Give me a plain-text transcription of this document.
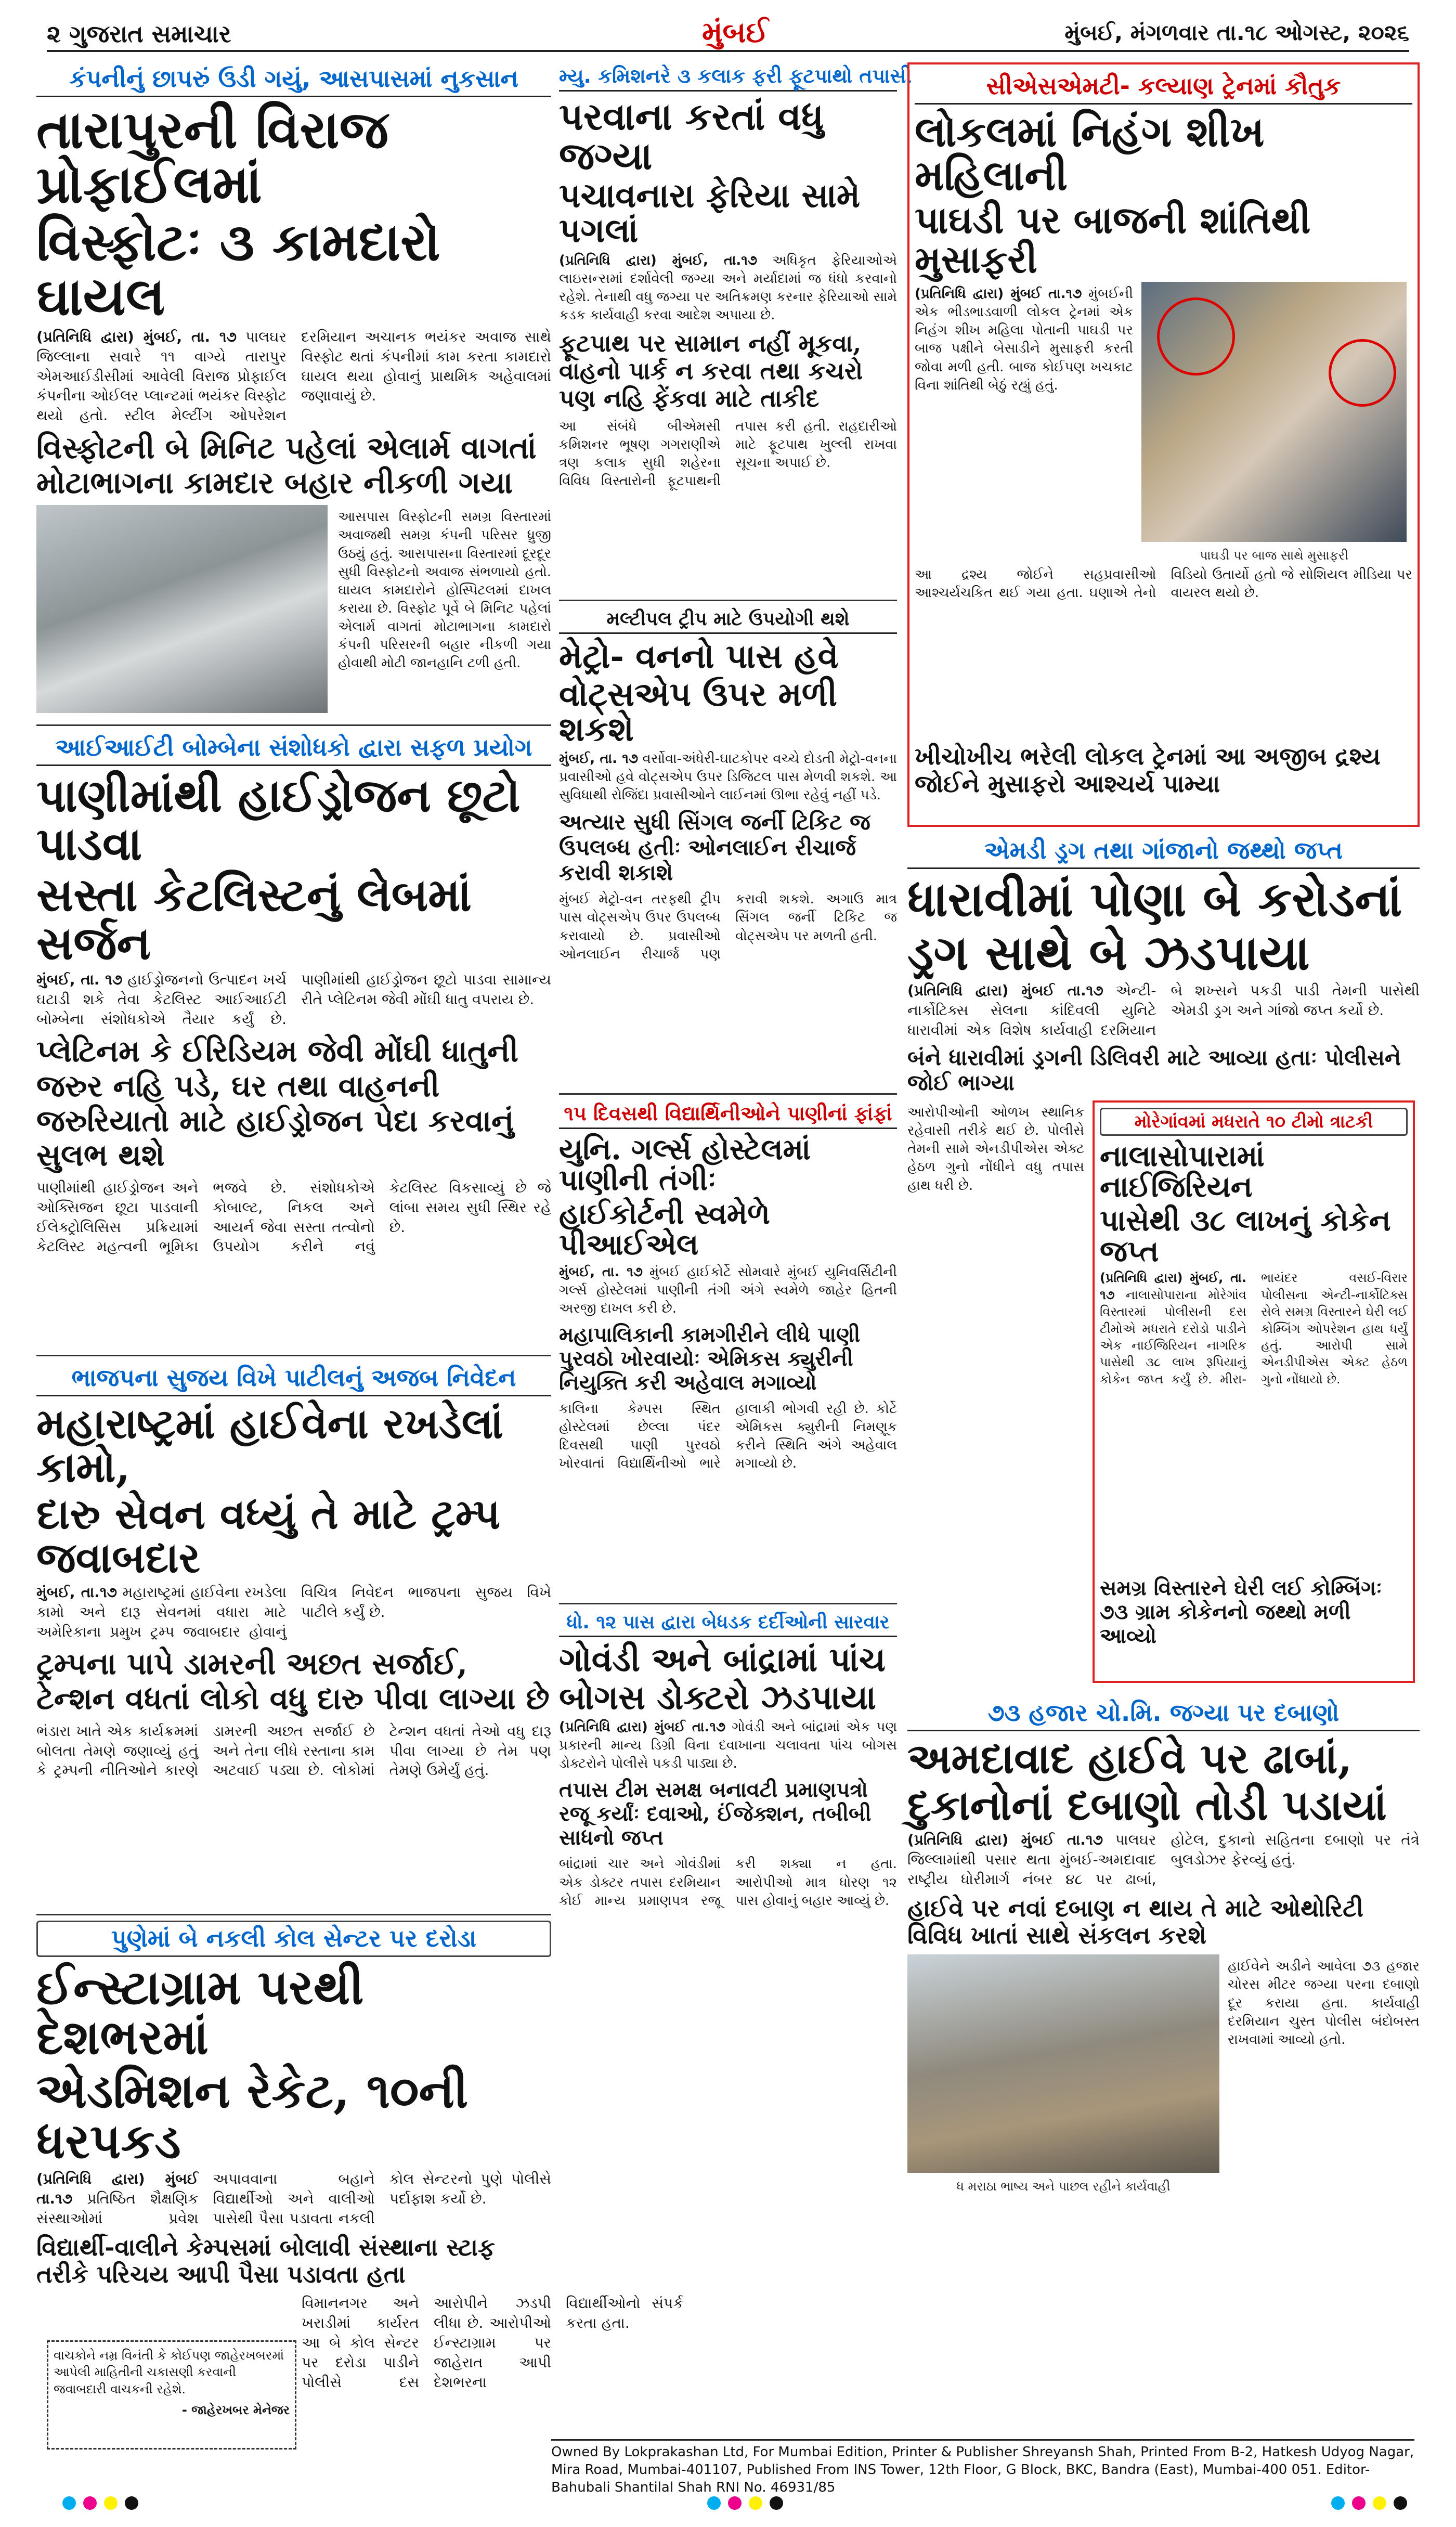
૨ ગુજરાત સમાચાર	મુંબઈ	મુંબઈ, મંગળવાર તા.૧૮ ઓગસ્ટ, ૨૦૨૬
કંપનીનું છાપરું ઉડી ગયું, આસપાસમાં નુકસાન
તારાપુરની વિરાજ પ્રોફાઈલમાં
વિસ્ફોટઃ ૩ કામદારો ઘાયલ
(પ્રતિનિધિ દ્વારા) મુંબઈ, તા. ૧૭ પાલઘર જિલ્લાના સવારે ૧૧ વાગ્યે તારાપુર એમઆઈડીસીમાં આવેલી વિરાજ પ્રોફાઈલ કંપનીના ઓઈલર પ્લાન્ટમાં ભયંકર વિસ્ફોટ થયો હતો. સ્ટીલ મેલ્ટીંગ ઓપરેશન દરમિયાન અચાનક ભયંકર અવાજ સાથે વિસ્ફોટ થતાં કંપનીમાં કામ કરતા કામદારો ઘાયલ થયા હોવાનું પ્રાથમિક અહેવાલમાં જણાવાયું છે.
વિસ્ફોટની બે મિનિટ પહેલાં એલાર્મ વાગતાં મોટાભાગના કામદાર બહાર નીકળી ગયા
આસપાસ વિસ્ફોટની સમગ્ર વિસ્તારમાં અવાજથી સમગ્ર કંપની પરિસર ધ્રુજી ઉઠ્યું હતું. આસપાસના વિસ્તારમાં દૂરદૂર સુધી વિસ્ફોટનો અવાજ સંભળાયો હતો. ઘાયલ કામદારોને હોસ્પિટલમાં દાખલ કરાયા છે. વિસ્ફોટ પૂર્વે બે મિનિટ પહેલાં એલાર્મ વાગતાં મોટાભાગના કામદારો કંપની પરિસરની બહાર નીકળી ગયા હોવાથી મોટી જાનહાનિ ટળી હતી.
આઈઆઈટી બોમ્બેના સંશોધકો દ્વારા સફળ પ્રયોગ
પાણીમાંથી હાઈડ્રોજન છૂટો પાડવા
સસ્તા કેટલિસ્ટનું લેબમાં સર્જન
મુંબઈ, તા. ૧૭ હાઈડ્રોજનનો ઉત્પાદન ખર્ચ ઘટાડી શકે તેવા કેટલિસ્ટ આઈઆઈટી બોમ્બેના સંશોધકોએ તૈયાર કર્યું છે. પાણીમાંથી હાઈડ્રોજન છૂટો પાડવા સામાન્ય રીતે પ્લેટિનમ જેવી મોંઘી ધાતુ વપરાય છે.
પ્લેટિનમ કે ઈરિડિયમ જેવી મોંઘી ધાતુની જરુર નહિ પડે, ઘર તથા વાહનની જરુરિયાતો માટે હાઈડ્રોજન પેદા કરવાનું સુલભ થશે
પાણીમાંથી હાઈડ્રોજન અને ઓક્સિજન છૂટા પાડવાની ઈલેક્ટ્રોલિસિસ પ્રક્રિયામાં કેટલિસ્ટ મહત્વની ભૂમિકા ભજવે છે. સંશોધકોએ કોબાલ્ટ, નિકલ અને આયર્ન જેવા સસ્તા તત્વોનો ઉપયોગ કરીને નવું કેટલિસ્ટ વિકસાવ્યું છે જે લાંબા સમય સુધી સ્થિર રહે છે.
ભાજપના સુજય વિખે પાટીલનું અજબ નિવેદન
મહારાષ્ટ્રમાં હાઈવેના રખડેલાં કામો,
દારુ સેવન વધ્યું તે માટે ટ્રમ્પ જવાબદાર
મુંબઈ, તા.૧૭ મહારાષ્ટ્રમાં હાઈવેના રખડેલા કામો અને દારૂ સેવનમાં વધારા માટે અમેરિકાના પ્રમુખ ટ્રમ્પ જવાબદાર હોવાનું વિચિત્ર નિવેદન ભાજપના સુજય વિખે પાટીલે કર્યું છે.
ટ્રમ્પના પાપે ડામરની અછત સર્જાઈ, ટેન્શન વધતાં લોકો વધુ દારુ પીવા લાગ્યા છે
ભંડારા ખાતે એક કાર્યક્રમમાં બોલતા તેમણે જણાવ્યું હતું કે ટ્રમ્પની નીતિઓને કારણે ડામરની અછત સર્જાઈ છે અને તેના લીધે રસ્તાના કામ અટવાઈ પડ્યા છે. લોકોમાં ટેન્શન વધતાં તેઓ વધુ દારૂ પીવા લાગ્યા છે તેમ પણ તેમણે ઉમેર્યું હતું.
પુણેમાં બે નકલી કોલ સેન્ટર પર દરોડા
ઈન્સ્ટાગ્રામ પરથી દેશભરમાં
એડમિશન રેકેટ, ૧૦ની ધરપકડ
(પ્રતિનિધિ દ્વારા) મુંબઈ તા.૧૭ પ્રતિષ્ઠિત શૈક્ષણિક સંસ્થાઓમાં પ્રવેશ અપાવવાના બહાને વિદ્યાર્થીઓ અને વાલીઓ પાસેથી પૈસા પડાવતા નકલી કોલ સેન્ટરનો પુણે પોલીસે પર્દાફાશ કર્યો છે.
વિદ્યાર્થી-વાલીને કેમ્પસમાં બોલાવી સંસ્થાના સ્ટાફ તરીકે પરિચય આપી પૈસા પડાવતા હતા
વિમાનનગર અને ખરાડીમાં કાર્યરત આ બે કોલ સેન્ટર પર દરોડા પાડીને પોલીસે દસ આરોપીને ઝડપી લીધા છે. આરોપીઓ ઈન્સ્ટાગ્રામ પર જાહેરાત આપી દેશભરના વિદ્યાર્થીઓનો સંપર્ક કરતા હતા.
વાચકોને નમ્ર વિનંતી કે કોઈપણ જાહેરખબરમાં આપેલી માહિતીની ચકાસણી કરવાની જવાબદારી વાચકની રહેશે.
- જાહેરખબર મેનેજર
મ્યુ. કમિશનરે ૩ કલાક ફરી ફૂટપાથો તપાસી
પરવાના કરતાં વધુ જગ્યા
પચાવનારા ફેરિયા સામે પગલાં
(પ્રતિનિધિ દ્વારા) મુંબઈ, તા.૧૭ અધિકૃત ફેરિયાઓએ લાઇસન્સમાં દર્શાવેલી જગ્યા અને મર્યાદામાં જ ધંધો કરવાનો રહેશે. તેનાથી વધુ જગ્યા પર અતિક્રમણ કરનાર ફેરિયાઓ સામે કડક કાર્યવાહી કરવા આદેશ અપાયા છે.
ફૂટપાથ પર સામાન નહીં મૂકવા, વાહનો પાર્ક ન કરવા તથા કચરો પણ નહિ ફેંકવા માટે તાકીદ
આ સંબંધે બીએમસી કમિશનર ભૂષણ ગગરાણીએ ત્રણ કલાક સુધી શહેરના વિવિધ વિસ્તારોની ફૂટપાથની તપાસ કરી હતી. રાહદારીઓ માટે ફૂટપાથ ખુલ્લી રાખવા સૂચના અપાઈ છે.
મલ્ટીપલ ટ્રીપ માટે ઉપયોગી થશે
મેટ્રો- વનનો પાસ હવે
વોટ્સએપ ઉપર મળી શકશે
મુંબઈ, તા. ૧૭ વર્સોવા-અંધેરી-ઘાટકોપર વચ્ચે દોડતી મેટ્રો-વનના પ્રવાસીઓ હવે વોટ્સએપ ઉપર ડિજિટલ પાસ મેળવી શકશે. આ સુવિધાથી રોજિંદા પ્રવાસીઓને લાઈનમાં ઊભા રહેવું નહીં પડે.
અત્યાર સુધી સિંગલ જર્ની ટિકિટ જ ઉપલબ્ધ હતીઃ ઓનલાઈન રીચાર્જ કરાવી શકાશે
મુંબઈ મેટ્રો-વન તરફથી ટ્રીપ પાસ વોટ્સએપ ઉપર ઉપલબ્ધ કરાવાયો છે. પ્રવાસીઓ ઓનલાઈન રીચાર્જ પણ કરાવી શકશે. અગાઉ માત્ર સિંગલ જર્ની ટિકિટ જ વોટ્સએપ પર મળતી હતી.
૧૫ દિવસથી વિદ્યાર્થિનીઓને પાણીનાં ફાંફાં
યુનિ. ગર્લ્સ હોસ્ટેલમાં પાણીની તંગીઃ
હાઈકોર્ટની સ્વમેળે પીઆઈએલ
મુંબઈ, તા. ૧૭ મુંબઈ હાઈકોર્ટે સોમવારે મુંબઈ યુનિવર્સિટીની ગર્લ્સ હોસ્ટેલમાં પાણીની તંગી અંગે સ્વમેળે જાહેર હિતની અરજી દાખલ કરી છે.
મહાપાલિકાની કામગીરીને લીધે પાણી પુરવઠો ખોરવાયોઃ એમિકસ ક્યુરીની નિયુક્તિ કરી અહેવાલ મગાવ્યો
કાલિના કેમ્પસ સ્થિત હોસ્ટેલમાં છેલ્લા પંદર દિવસથી પાણી પુરવઠો ખોરવાતાં વિદ્યાર્થિનીઓ ભારે હાલાકી ભોગવી રહી છે. કોર્ટે એમિકસ ક્યુરીની નિમણૂક કરીને સ્થિતિ અંગે અહેવાલ મગાવ્યો છે.
ધો. ૧૨ પાસ દ્વારા બેધડક દર્દીઓની સારવાર
ગોવંડી અને બાંદ્રામાં પાંચ
બોગસ ડોક્ટરો ઝડપાયા
(પ્રતિનિધિ દ્વારા) મુંબઈ તા.૧૭ ગોવંડી અને બાંદ્રામાં એક પણ પ્રકારની માન્ય ડિગ્રી વિના દવાખાના ચલાવતા પાંચ બોગસ ડોક્ટરોને પોલીસે પકડી પાડ્યા છે.
તપાસ ટીમ સમક્ષ બનાવટી પ્રમાણપત્રો રજૂ કર્યાંઃ દવાઓ, ઈંજેક્શન, તબીબી સાધનો જપ્ત
બાંદ્રામાં ચાર અને ગોવંડીમાં એક ડોક્ટર તપાસ દરમિયાન કોઈ માન્ય પ્રમાણપત્ર રજૂ કરી શક્યા ન હતા. આરોપીઓ માત્ર ધોરણ ૧૨ પાસ હોવાનું બહાર આવ્યું છે.
સીએસએમટી- કલ્યાણ ટ્રેનમાં કૌતુક
લોકલમાં નિહંગ શીખ મહિલાની
પાઘડી પર બાજની શાંતિથી મુસાફરી
(પ્રતિનિધિ દ્વારા) મુંબઈ તા.૧૭ મુંબઈની એક ભીડભાડવાળી લોકલ ટ્રેનમાં એક નિહંગ શીખ મહિલા પોતાની પાઘડી પર બાજ પક્ષીને બેસાડીને મુસાફરી કરતી જોવા મળી હતી. બાજ કોઈપણ ખચકાટ વિના શાંતિથી બેઠું રહ્યું હતું.
પાઘડી પર બાજ સાથે મુસાફરી
આ દ્રશ્ય જોઈને સહપ્રવાસીઓ આશ્ચર્યચકિત થઈ ગયા હતા. ઘણાએ તેનો વિડિયો ઉતાર્યો હતો જે સોશિયલ મીડિયા પર વાયરલ થયો છે.
ખીચોખીચ ભરેલી લોકલ ટ્રેનમાં આ અજીબ દ્રશ્ય જોઈને મુસાફરો આશ્ચર્ય પામ્યા
એમડી ડ્રગ તથા ગાંજાનો જથ્થો જપ્ત
ધારાવીમાં પોણા બે કરોડનાં
ડ્રગ સાથે બે ઝડપાયા
(પ્રતિનિધિ દ્વારા) મુંબઈ તા.૧૭ એન્ટી-નાર્કોટિક્સ સેલના કાંદિવલી યુનિટે ધારાવીમાં એક વિશેષ કાર્યવાહી દરમિયાન બે શખ્સને પકડી પાડી તેમની પાસેથી એમડી ડ્રગ અને ગાંજો જપ્ત કર્યો છે.
બંને ધારાવીમાં ડ્રગની ડિલિવરી માટે આવ્યા હતાઃ પોલીસને જોઈ ભાગ્યા
આરોપીઓની ઓળખ સ્થાનિક રહેવાસી તરીકે થઈ છે. પોલીસે તેમની સામે એનડીપીએસ એક્ટ હેઠળ ગુનો નોંધીને વધુ તપાસ હાથ ધરી છે.
મોરેગાંવમાં મધરાતે ૧૦ ટીમો ત્રાટકી
નાલાસોપારામાં નાઈજિરિયન
પાસેથી ૩૮ લાખનું કોકેન જપ્ત
(પ્રતિનિધિ દ્વારા) મુંબઈ, તા. ૧૭ નાલાસોપારાના મોરેગાંવ વિસ્તારમાં પોલીસની દસ ટીમોએ મધરાતે દરોડો પાડીને એક નાઈજિરિયન નાગરિક પાસેથી ૩૮ લાખ રૂપિયાનું કોકેન જપ્ત કર્યું છે. મીરા-ભાયંદર વસઈ-વિરાર પોલીસના એન્ટી-નાર્કોટિક્સ સેલે સમગ્ર વિસ્તારને ઘેરી લઈ કોમ્બિંગ ઓપરેશન હાથ ધર્યું હતું. આરોપી સામે એનડીપીએસ એક્ટ હેઠળ ગુનો નોંધાયો છે.
સમગ્ર વિસ્તારને ઘેરી લઈ કોમ્બિંગઃ ૭૩ ગ્રામ કોકેનનો જથ્થો મળી આવ્યો
૭૩ હજાર ચો.મિ. જગ્યા પર દબાણો
અમદાવાદ હાઈવે પર ઢાબાં,
દુકાનોનાં દબાણો તોડી પડાયાં
(પ્રતિનિધિ દ્વારા) મુંબઈ તા.૧૭ પાલઘર જિલ્લામાંથી પસાર થતા મુંબઈ-અમદાવાદ રાષ્ટ્રીય ધોરીમાર્ગ નંબર ૪૮ પર ઢાબાં, હોટેલ, દુકાનો સહિતના દબાણો પર તંત્રે બુલડોઝર ફેરવ્યું હતું.
હાઈવે પર નવાં દબાણ ન થાય તે માટે ઓથોરિટી વિવિધ ખાતાં સાથે સંકલન કરશે
હાઈવેને અડીને આવેલા ૭૩ હજાર ચોરસ મીટર જગ્યા પરના દબાણો દૂર કરાયા હતા. કાર્યવાહી દરમિયાન ચુસ્ત પોલીસ બંદોબસ્ત રાખવામાં આવ્યો હતો.
ધ મરાઠા ભાષ્ય અને પાછલ રહીને કાર્યવાહી
Owned By Lokprakashan Ltd, For Mumbai Edition, Printer & Publisher Shreyansh Shah, Printed From B-2, Hatkesh Udyog Nagar, Mira Road, Mumbai-401107, Published From INS Tower, 12th Floor, G Block, BKC, Bandra (East), Mumbai-400 051. Editor- Bahubali Shantilal Shah RNI No. 46931/85
